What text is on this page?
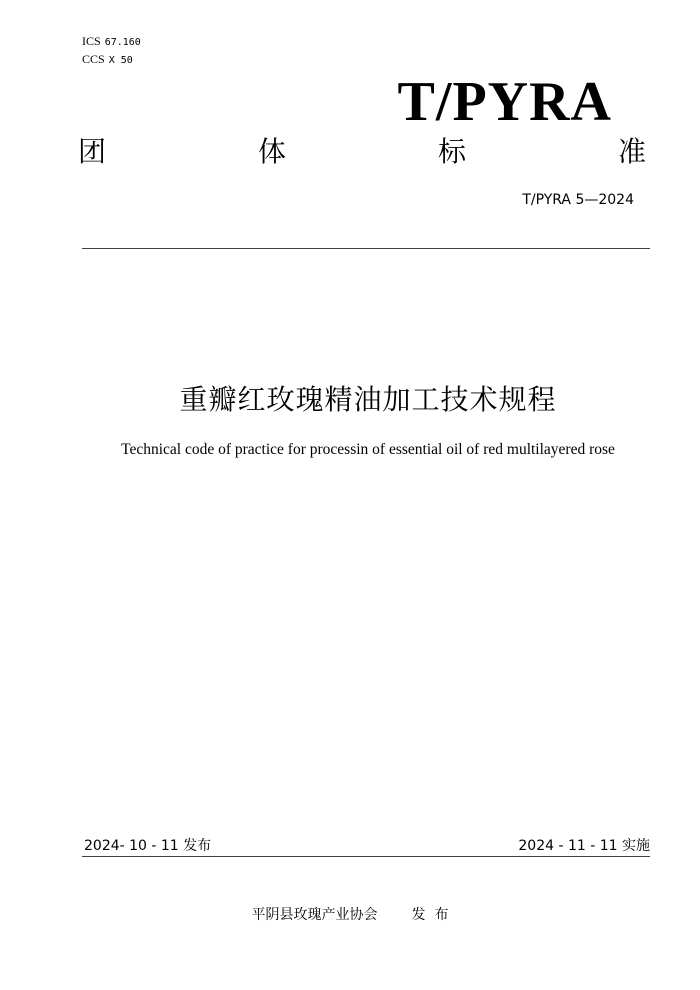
ICS 67.160
CCS X 50
T/PYRA
团	体	标	准
T/PYRA 5—2024
重瓣红玫瑰精油加工技术规程
Technical code of practice for processin of essential oil of red multilayered rose
2024- 10 - 11 发布	2024 - 11 - 11 实施
平阴县玫瑰产业协会 发  布
